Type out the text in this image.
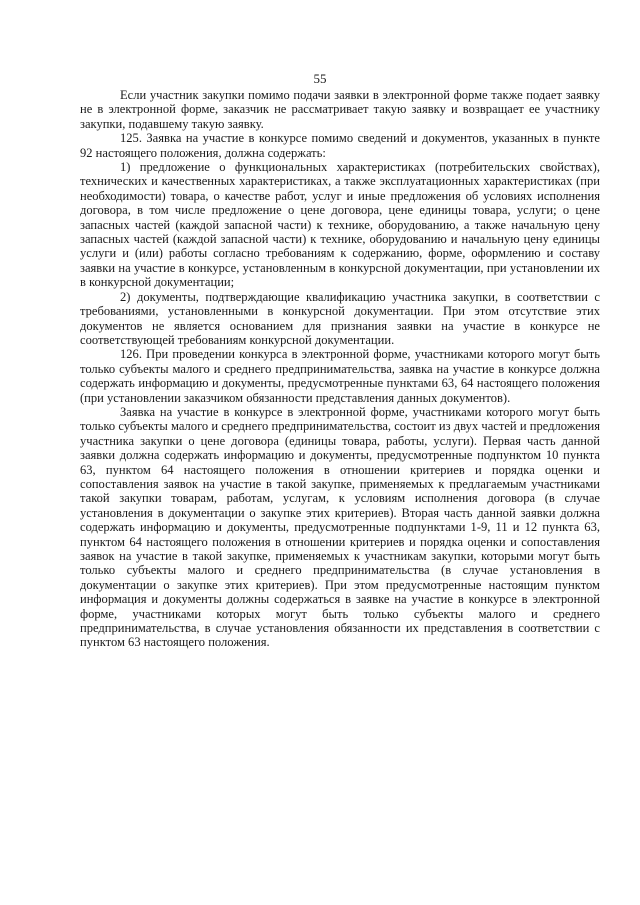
55

Если участник закупки помимо подачи заявки в электронной форме также подает заявку не в электронной форме, заказчик не рассматривает такую заявку и возвращает ее участнику закупки, подавшему такую заявку.

125. Заявка на участие в конкурсе помимо сведений и документов, указанных в пункте 92 настоящего положения, должна содержать:

1) предложение о функциональных характеристиках (потребительских свойствах), технических и качественных характеристиках, а также эксплуатационных характеристиках (при необходимости) товара, о качестве работ, услуг и иные предложения об условиях исполнения договора, в том числе предложение о цене договора, цене единицы товара, услуги; о цене запасных частей (каждой запасной части) к технике, оборудованию, а также начальную цену запасных частей (каждой запасной части) к технике, оборудованию и начальную цену единицы услуги и (или) работы согласно требованиям к содержанию, форме, оформлению и составу заявки на участие в конкурсе, установленным в конкурсной документации, при установлении их в конкурсной документации;

2) документы, подтверждающие квалификацию участника закупки, в соответствии с требованиями, установленными в конкурсной документации. При этом отсутствие этих документов не является основанием для признания заявки на участие в конкурсе не соответствующей требованиям конкурсной документации.

126. При проведении конкурса в электронной форме, участниками которого могут быть только субъекты малого и среднего предпринимательства, заявка на участие в конкурсе должна содержать информацию и документы, предусмотренные пунктами 63, 64 настоящего положения (при установлении заказчиком обязанности представления данных документов).

Заявка на участие в конкурсе в электронной форме, участниками которого могут быть только субъекты малого и среднего предпринимательства, состоит из двух частей и предложения участника закупки о цене договора (единицы товара, работы, услуги). Первая часть данной заявки должна содержать информацию и документы, предусмотренные подпунктом 10 пункта 63, пунктом 64 настоящего положения в отношении критериев и порядка оценки и сопоставления заявок на участие в такой закупке, применяемых к предлагаемым участниками такой закупки товарам, работам, услугам, к условиям исполнения договора (в случае установления в документации о закупке этих критериев). Вторая часть данной заявки должна содержать информацию и документы, предусмотренные подпунктами 1-9, 11 и 12 пункта 63, пунктом 64 настоящего положения в отношении критериев и порядка оценки и сопоставления заявок на участие в такой закупке, применяемых к участникам закупки, которыми могут быть только субъекты малого и среднего предпринимательства (в случае установления в документации о закупке этих критериев). При этом предусмотренные настоящим пунктом информация и документы должны содержаться в заявке на участие в конкурсе в электронной форме, участниками которых могут быть только субъекты малого и среднего предпринимательства, в случае установления обязанности их представления в соответствии с пунктом 63 настоящего положения.
